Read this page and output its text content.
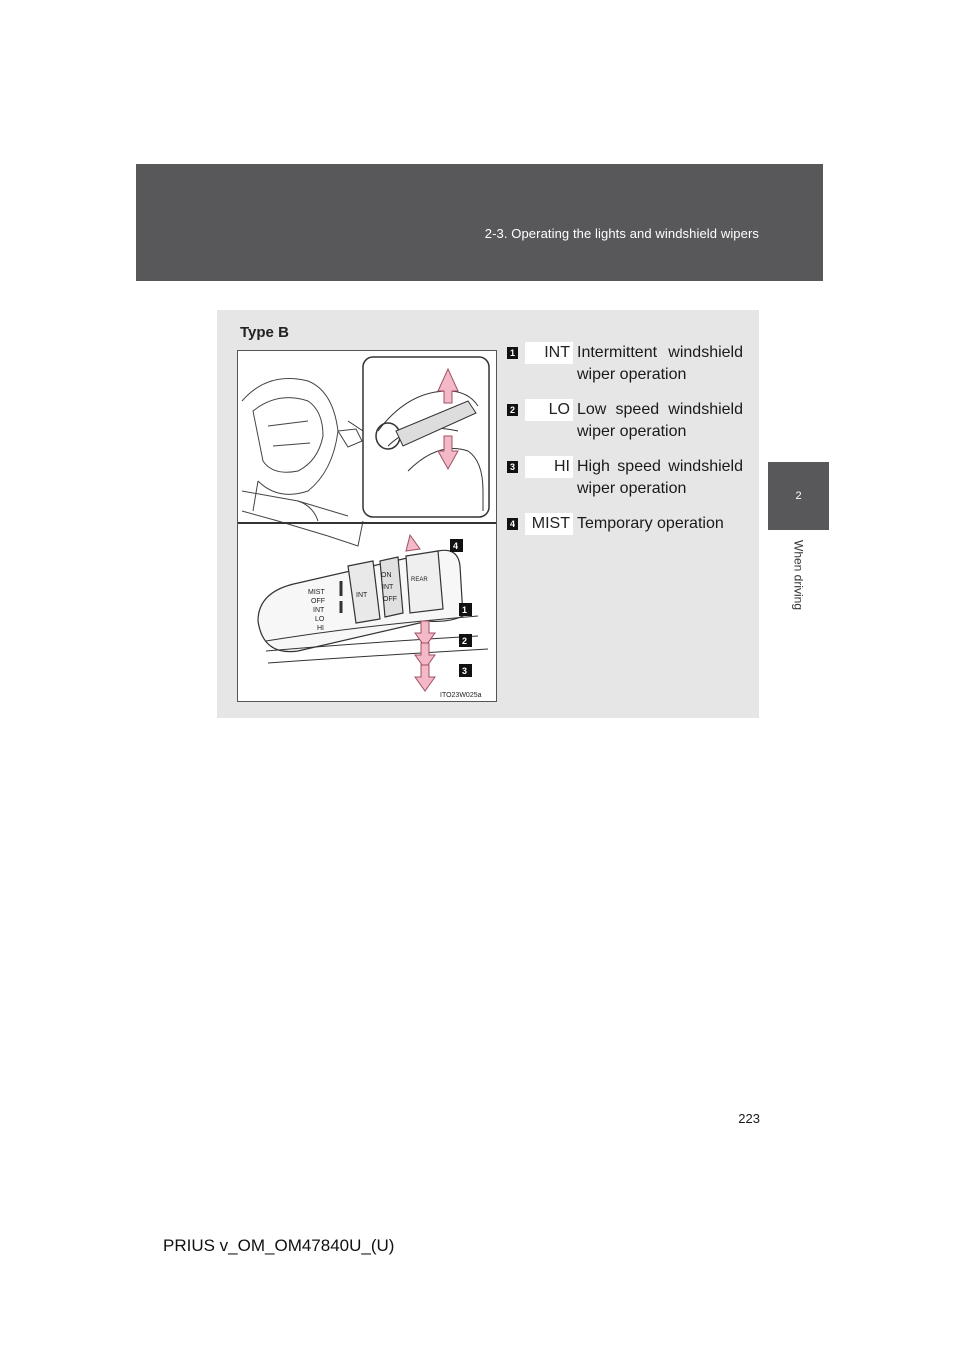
2-3. Operating the lights and windshield wipers
2
When driving
Type B
MIST
OFF
INT
LO
HI
INT
ON
INT
OFF
REAR
4
1
2
3
ITO23W025a
1	INT Intermittent windshield wiper operation
2	LO Low speed windshield wiper operation
3	HI High speed windshield wiper operation
4	MIST Temporary operation
223
PRIUS v_OM_OM47840U_(U)
